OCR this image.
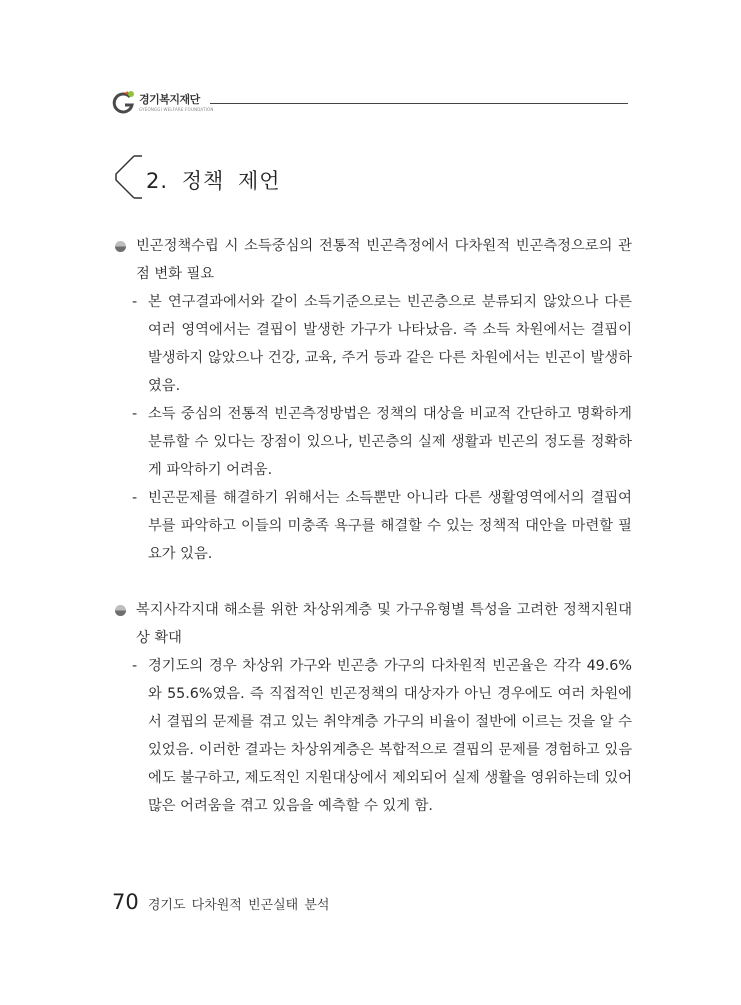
경기복지재단
GYEONGGI WELFARE FOUNDATION
2. 정책 제언
빈곤정책수립 시 소득중심의 전통적 빈곤측정에서 다차원적 빈곤측정으로의 관점 변화 필요
- 본 연구결과에서와 같이 소득기준으로는 빈곤층으로 분류되지 않았으나 다른 여러 영역에서는 결핍이 발생한 가구가 나타났음. 즉 소득 차원에서는 결핍이 발생하지 않았으나 건강, 교육, 주거 등과 같은 다른 차원에서는 빈곤이 발생하였음.
- 소득 중심의 전통적 빈곤측정방법은 정책의 대상을 비교적 간단하고 명확하게 분류할 수 있다는 장점이 있으나, 빈곤층의 실제 생활과 빈곤의 정도를 정확하게 파악하기 어려움.
- 빈곤문제를 해결하기 위해서는 소득뿐만 아니라 다른 생활영역에서의 결핍여부를 파악하고 이들의 미충족 욕구를 해결할 수 있는 정책적 대안을 마련할 필요가 있음.
복지사각지대 해소를 위한 차상위계층 및 가구유형별 특성을 고려한 정책지원대상 확대
- 경기도의 경우 차상위 가구와 빈곤층 가구의 다차원적 빈곤율은 각각 49.6%와 55.6%였음. 즉 직접적인 빈곤정책의 대상자가 아닌 경우에도 여러 차원에서 결핍의 문제를 겪고 있는 취약계층 가구의 비율이 절반에 이르는 것을 알 수 있었음. 이러한 결과는 차상위계층은 복합적으로 결핍의 문제를 경험하고 있음에도 불구하고, 제도적인 지원대상에서 제외되어 실제 생활을 영위하는데 있어 많은 어려움을 겪고 있음을 예측할 수 있게 함.
70 경기도 다차원적 빈곤실태 분석
